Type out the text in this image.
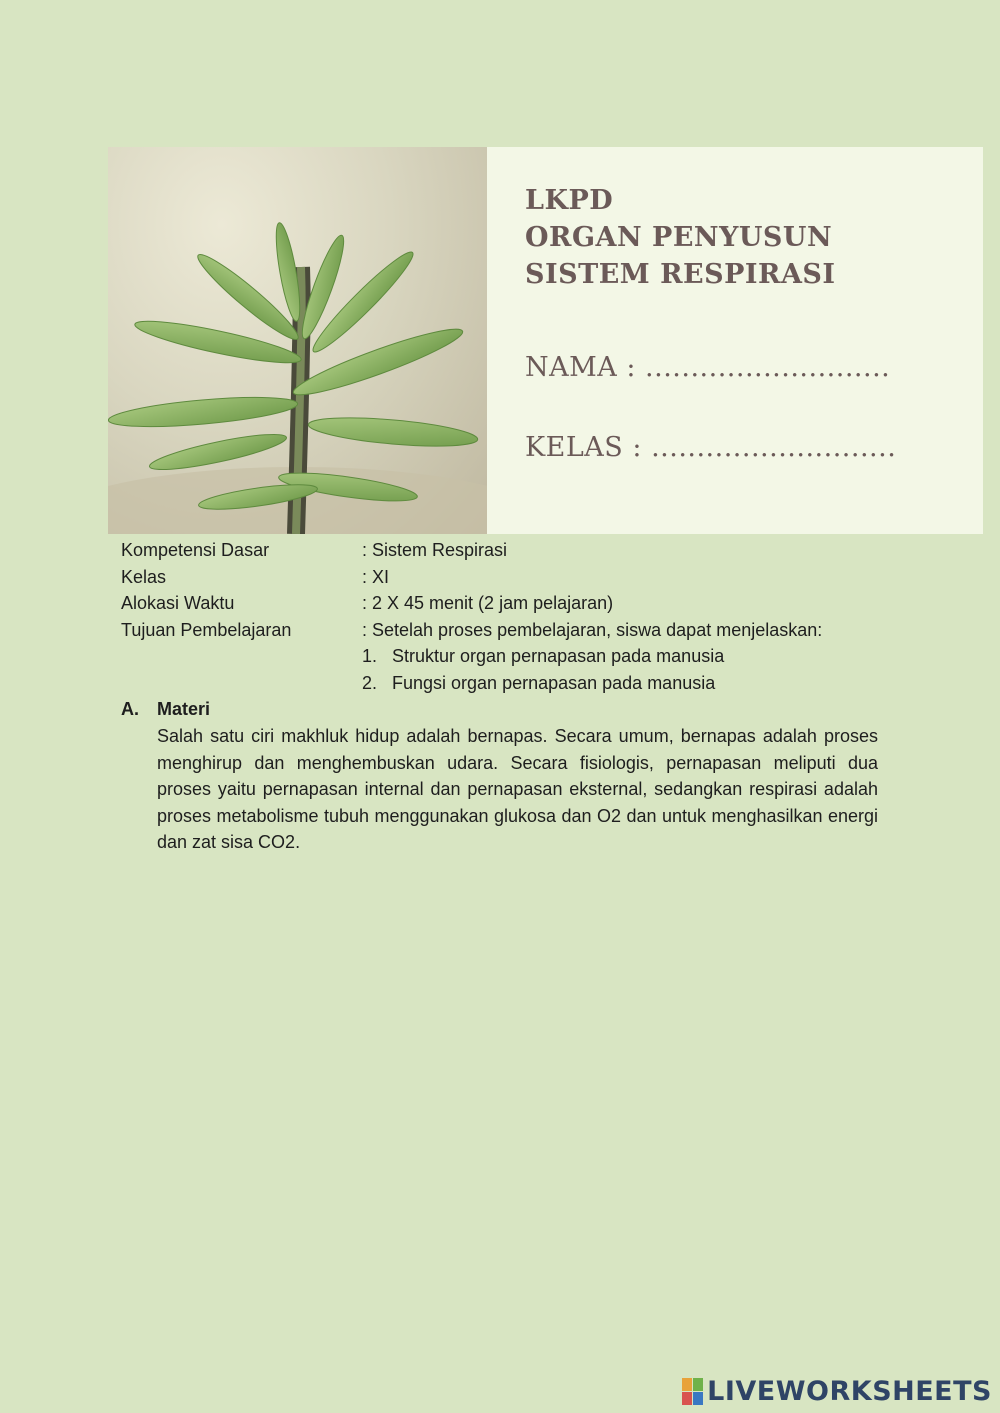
LKPD
ORGAN PENYUSUN
SISTEM RESPIRASI
NAMA : ...........................
KELAS : ...........................
Kompetensi Dasar	: Sistem Respirasi
Kelas	: XI
Alokasi Waktu	: 2 X 45 menit (2 jam pelajaran)
Tujuan Pembelajaran	: Setelah proses pembelajaran, siswa dapat menjelaskan:
1. Struktur organ pernapasan pada manusia
2. Fungsi organ pernapasan pada manusia
A.	Materi

Salah satu ciri makhluk hidup adalah bernapas. Secara umum, bernapas adalah proses menghirup dan menghembuskan udara. Secara fisiologis, pernapasan meliputi dua proses yaitu pernapasan internal dan pernapasan eksternal, sedangkan respirasi adalah proses metabolisme tubuh menggunakan glukosa dan O2 dan untuk menghasilkan energi dan zat sisa CO2.

LIVEWORKSHEETS
